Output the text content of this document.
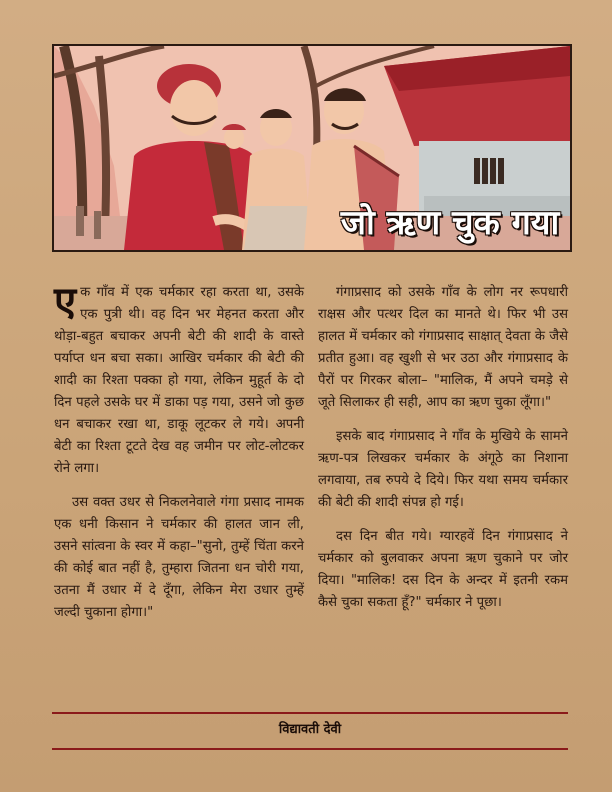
जो ऋण चुक गया

एक गाँव में एक चर्मकार रहा करता था, उसके एक पुत्री थी। वह दिन भर मेहनत करता और थोड़ा-बहुत बचाकर अपनी बेटी की शादी के वास्ते पर्याप्त धन बचा सका। आखिर चर्मकार की बेटी की शादी का रिश्ता पक्का हो गया, लेकिन मुहूर्त के दो दिन पहले उसके घर में डाका पड़ गया, उसने जो कुछ धन बचाकर रखा था, डाकू लूटकर ले गये। अपनी बेटी का रिश्ता टूटते देख वह जमीन पर लोट-लोटकर रोने लगा।

उस वक्त उधर से निकलनेवाले गंगा प्रसाद नामक एक धनी किसान ने चर्मकार की हालत जान ली, उसने सांत्वना के स्वर में कहा–"सुनो, तुम्हें चिंता करने की कोई बात नहीं है, तुम्हारा जितना धन चोरी गया, उतना मैं उधार में दे दूँगा, लेकिन मेरा उधार तुम्हें जल्दी चुकाना होगा।"

गंगाप्रसाद को उसके गाँव के लोग नर रूपधारी राक्षस और पत्थर दिल का मानते थे। फिर भी उस हालत में चर्मकार को गंगाप्रसाद साक्षात् देवता के जैसे प्रतीत हुआ। वह खुशी से भर उठा और गंगाप्रसाद के पैरों पर गिरकर बोला– "मालिक, मैं अपने चमड़े से जूते सिलाकर ही सही, आप का ऋण चुका लूँगा।"

इसके बाद गंगाप्रसाद ने गाँव के मुखिये के सामने ऋण-पत्र लिखकर चर्मकार के अंगूठे का निशाना लगवाया, तब रुपये दे दिये। फिर यथा समय चर्मकार की बेटी की शादी संपन्न हो गई।

दस दिन बीत गये। ग्यारहवें दिन गंगाप्रसाद ने चर्मकार को बुलवाकर अपना ऋण चुकाने पर जोर दिया। "मालिक! दस दिन के अन्दर में इतनी रकम कैसे चुका सकता हूँ?" चर्मकार ने पूछा।

विद्यावती देवी
